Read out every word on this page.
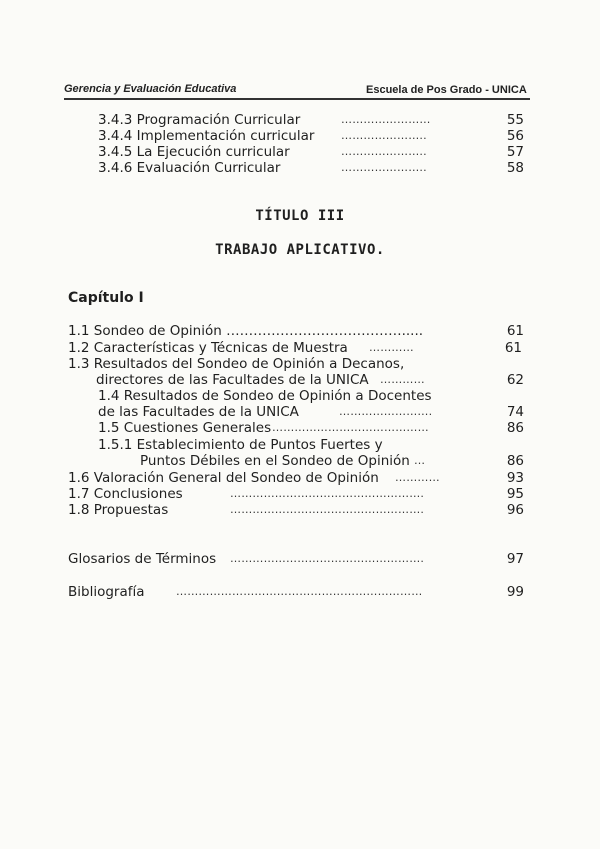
Gerencia y Evaluación Educativa	Escuela de Pos Grado - UNICA
3.4.3 Programación Curricular	……………………	55
3.4.4 Implementación curricular …………………..	56
3.4.5 La Ejecución curricular	…………………..	57
3.4.6 Evaluación Curricular	…………………..	58
TÍTULO III
TRABAJO APLICATIVO.
Capítulo I
1.1 Sondeo de Opinión ………………………………….....	61
1.2 Características y Técnicas de Muestra …………	61
1.3 Resultados del Sondeo de Opinión a Decanos,
directores de las Facultades de la UNICA …………	62
1.4 Resultados de Sondeo de Opinión a Docentes
de las Facultades de la UNICA	…………………….	74
1.5 Cuestiones Generales ……………………………………	86
1.5.1 Establecimiento de Puntos Fuertes y
Puntos Débiles en el Sondeo de Opinión …	86
1.6 Valoración General del Sondeo de Opinión …………	93
1.7 Conclusiones	…………………………………………….	95
1.8 Propuestas	…………………………………………….	96
Glosarios de Términos …………………………………………….	97
Bibliografía	…………………………………………………………	99
